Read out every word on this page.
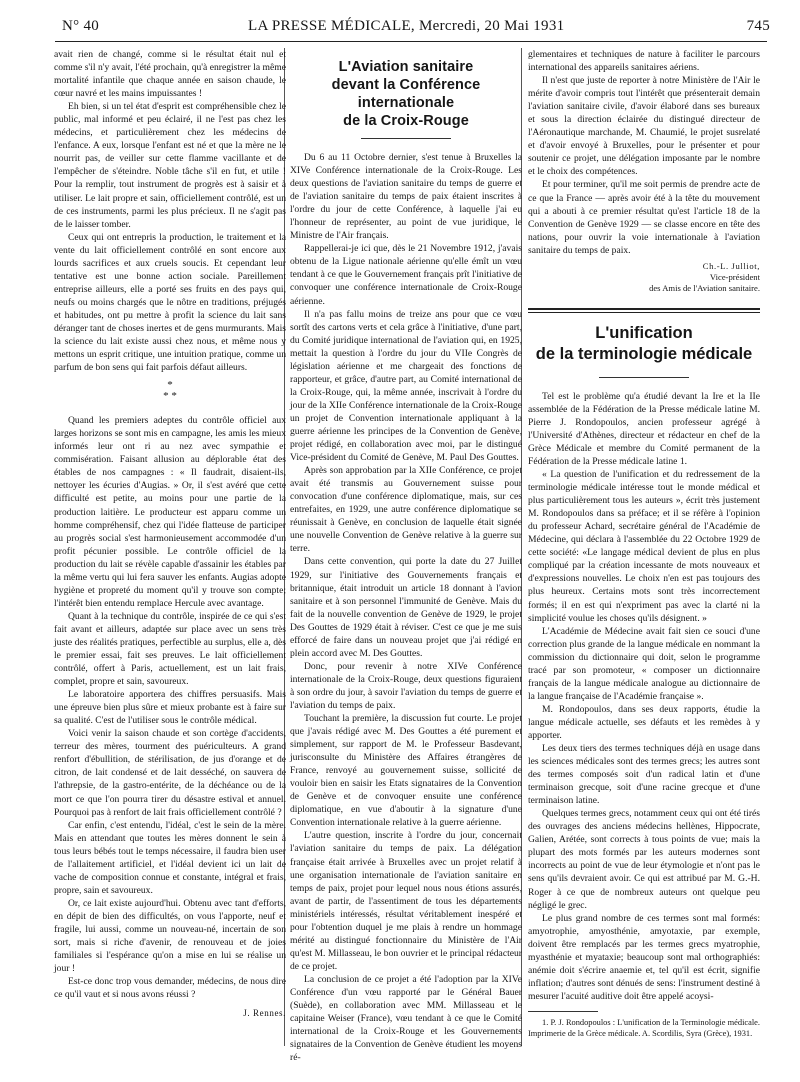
N° 40	LA PRESSE MÉDICALE, Mercredi, 20 Mai 1931	745

avait rien de changé, comme si le résultat était nul et comme s'il n'y avait, l'été prochain, qu'à enregistrer la même mortalité infantile que chaque année en saison chaude, le cœur navré et les mains impuissantes !

Eh bien, si un tel état d'esprit est compréhensible chez le public, mal informé et peu éclairé, il ne l'est pas chez les médecins, et particulièrement chez les médecins de l'enfance. A eux, lorsque l'enfant est né et que la mère ne le nourrit pas, de veiller sur cette flamme vacillante et de l'empêcher de s'éteindre. Noble tâche s'il en fut, et utile ! Pour la remplir, tout instrument de progrès est à saisir et à utiliser. Le lait propre et sain, officiellement contrôlé, est un de ces instruments, parmi les plus précieux. Il ne s'agit pas de le laisser tomber.

Ceux qui ont entrepris la production, le traitement et la vente du lait officiellement contrôlé en sont encore aux lourds sacrifices et aux cruels soucis. Et cependant leur tentative est une bonne action sociale. Pareillement entreprise ailleurs, elle a porté ses fruits en des pays qui, neufs ou moins chargés que le nôtre en traditions, préjugés et habitudes, ont pu mettre à profit la science du lait sans déranger tant de choses inertes et de gens murmurants. Mais la science du lait existe aussi chez nous, et même nous y mettons un esprit critique, une intuition pratique, comme un parfum de bon sens qui fait parfois défaut ailleurs.

*
* *

Quand les premiers adeptes du contrôle officiel aux larges horizons se sont mis en campagne, les amis les mieux informés leur ont ri au nez avec sympathie et commisération. Faisant allusion au déplorable état des étables de nos campagnes : « Il faudrait, disaient-ils, nettoyer les écuries d'Augias. » Or, il s'est avéré que cette difficulté est petite, au moins pour une partie de la production laitière. Le producteur est apparu comme un homme compréhensif, chez qui l'idée flatteuse de participer au progrès social s'est harmonieusement accommodée d'un profit pécunier possible. Le contrôle officiel de la production du lait se révèle capable d'assainir les étables par la même vertu qui lui fera sauver les enfants. Augias adopte hygiène et propreté du moment qu'il y trouve son compte; l'intérêt bien entendu remplace Hercule avec avantage.

Quant à la technique du contrôle, inspirée de ce qui s'est fait avant et ailleurs, adaptée sur place avec un sens très juste des réalités pratiques, perfectible au surplus, elle a, dès le premier essai, fait ses preuves. Le lait officiellement contrôlé, offert à Paris, actuellement, est un lait frais, complet, propre et sain, savoureux.

Le laboratoire apportera des chiffres persuasifs. Mais une épreuve bien plus sûre et mieux probante est à faire sur sa qualité. C'est de l'utiliser sous le contrôle médical.

Voici venir la saison chaude et son cortège d'accidents, terreur des mères, tourment des puériculteurs. A grand renfort d'ébullition, de stérilisation, de jus d'orange et de citron, de lait condensé et de lait desséché, on sauvera de l'athrepsie, de la gastro-entérite, de la déchéance ou de la mort ce que l'on pourra tirer du désastre estival et annuel. Pourquoi pas à renfort de lait frais officiellement contrôlé ?

Car enfin, c'est entendu, l'idéal, c'est le sein de la mère. Mais en attendant que toutes les mères donnent le sein à tous leurs bébés tout le temps nécessaire, il faudra bien user de l'allaitement artificiel, et l'idéal devient ici un lait de vache de composition connue et constante, intégral et frais, propre, sain et savoureux.

Or, ce lait existe aujourd'hui. Obtenu avec tant d'efforts, en dépit de bien des difficultés, on vous l'apporte, neuf et fragile, lui aussi, comme un nouveau-né, incertain de son sort, mais si riche d'avenir, de renouveau et de joies familiales si l'espérance qu'on a mise en lui se réalise un jour !

Est-ce donc trop vous demander, médecins, de nous dire ce qu'il vaut et si nous avons réussi ?

J. Rennes.
L'Aviation sanitaire
devant la Conférence internationale
de la Croix-Rouge

Du 6 au 11 Octobre dernier, s'est tenue à Bruxelles la XIVe Conférence internationale de la Croix-Rouge. Les deux questions de l'aviation sanitaire du temps de guerre et de l'aviation sanitaire du temps de paix étaient inscrites à l'ordre du jour de cette Conférence, à laquelle j'ai eu l'honneur de représenter, au point de vue juridique, le Ministre de l'Air français.

Rappellerai-je ici que, dès le 21 Novembre 1912, j'avais obtenu de la Ligue nationale aérienne qu'elle émît un vœu tendant à ce que le Gouvernement français prît l'initiative de convoquer une conférence internationale de Croix-Rouge aérienne.

Il n'a pas fallu moins de treize ans pour que ce vœu sortît des cartons verts et cela grâce à l'initiative, d'une part, du Comité juridique international de l'aviation qui, en 1925, mettait la question à l'ordre du jour du VIIe Congrès de législation aérienne et me chargeait des fonctions de rapporteur, et grâce, d'autre part, au Comité international de la Croix-Rouge, qui, la même année, inscrivait à l'ordre du jour de la XIIe Conférence internationale de la Croix-Rouge un projet de Convention internationale appliquant à la guerre aérienne les principes de la Convention de Genève, projet rédigé, en collaboration avec moi, par le distingué Vice-président du Comité de Genève, M. Paul Des Gouttes.

Après son approbation par la XIIe Conférence, ce projet avait été transmis au Gouvernement suisse pour convocation d'une conférence diplomatique, mais, sur ces entrefaites, en 1929, une autre conférence diplomatique se réunissait à Genève, en conclusion de laquelle était signée une nouvelle Convention de Genève relative à la guerre sur terre.

Dans cette convention, qui porte la date du 27 Juillet 1929, sur l'initiative des Gouvernements français et britannique, était introduit un article 18 donnant à l'avion sanitaire et à son personnel l'immunité de Genève. Mais du fait de la nouvelle convention de Genève de 1929, le projet Des Gouttes de 1929 était à réviser. C'est ce que je me suis efforcé de faire dans un nouveau projet que j'ai rédigé en plein accord avec M. Des Gouttes.

Donc, pour revenir à notre XIVe Conférence internationale de la Croix-Rouge, deux questions figuraient à son ordre du jour, à savoir l'aviation du temps de guerre et l'aviation du temps de paix.

Touchant la première, la discussion fut courte. Le projet que j'avais rédigé avec M. Des Gouttes a été purement et simplement, sur rapport de M. le Professeur Basdevant, jurisconsulte du Ministère des Affaires étrangères de France, renvoyé au gouvernement suisse, sollicité de vouloir bien en saisir les Etats signataires de la Convention de Genève et de convoquer ensuite une conférence diplomatique, en vue d'aboutir à la signature d'une Convention internationale relative à la guerre aérienne.

L'autre question, inscrite à l'ordre du jour, concernait l'aviation sanitaire du temps de paix. La délégation française était arrivée à Bruxelles avec un projet relatif à une organisation internationale de l'aviation sanitaire en temps de paix, projet pour lequel nous nous étions assurés, avant de partir, de l'assentiment de tous les départements ministériels intéressés, résultat véritablement inespéré et pour l'obtention duquel je me plais à rendre un hommage mérité au distingué fonctionnaire du Ministère de l'Air qu'est M. Millasseau, le bon ouvrier et le principal rédacteur de ce projet.

La conclusion de ce projet a été l'adoption par la XIVe Conférence d'un vœu rapporté par le Général Bauer (Suède), en collaboration avec MM. Millasseau et le capitaine Weiser (France), vœu tendant à ce que le Comité international de la Croix-Rouge et les Gouvernements signataires de la Convention de Genève étudient les moyens ré-

glementaires et techniques de nature à faciliter le parcours international des appareils sanitaires aériens.

Il n'est que juste de reporter à notre Ministère de l'Air le mérite d'avoir compris tout l'intérêt que présenterait demain l'aviation sanitaire civile, d'avoir élaboré dans ses bureaux et sous la direction éclairée du distingué directeur de l'Aéronautique marchande, M. Chaumié, le projet susrelaté et d'avoir envoyé à Bruxelles, pour le présenter et pour soutenir ce projet, une délégation imposante par le nombre et le choix des compétences.

Et pour terminer, qu'il me soit permis de prendre acte de ce que la France — après avoir été à la tête du mouvement qui a abouti à ce premier résultat qu'est l'article 18 de la Convention de Genève 1929 — se classe encore en tête des nations, pour ouvrir la voie internationale à l'aviation sanitaire du temps de paix.

Ch.-L. Julliot,
Vice-président
des Amis de l'Aviation sanitaire.
L'unification
de la terminologie médicale

Tel est le problème qu'a étudié devant la Ire et la IIe assemblée de la Fédération de la Presse médicale latine M. Pierre J. Rondopoulos, ancien professeur agrégé à l'Université d'Athènes, directeur et rédacteur en chef de la Grèce Médicale et membre du Comité permanent de la Fédération de la Presse médicale latine 1.

« La question de l'unification et du redressement de la terminologie médicale intéresse tout le monde médical et plus particulièrement tous les auteurs », écrit très justement M. Rondopoulos dans sa préface; et il se réfère à l'opinion du professeur Achard, secrétaire général de l'Académie de Médecine, qui déclara à l'assemblée du 22 Octobre 1929 de cette société: «Le langage médical devient de plus en plus compliqué par la création incessante de mots nouveaux et d'expressions nouvelles. Le choix n'en est pas toujours des plus heureux. Certains mots sont très incorrectement formés; il en est qui n'expriment pas avec la clarté ni la simplicité voulue les choses qu'ils désignent. »

L'Académie de Médecine avait fait sien ce souci d'une correction plus grande de la langue médicale en nommant la commission du dictionnaire qui doit, selon le programme tracé par son promoteur, « composer un dictionnaire français de la langue médicale analogue au dictionnaire de la langue française de l'Académie française ».

M. Rondopoulos, dans ses deux rapports, étudie la langue médicale actuelle, ses défauts et les remèdes à y apporter.

Les deux tiers des termes techniques déjà en usage dans les sciences médicales sont des termes grecs; les autres sont des termes composés soit d'un radical latin et d'une terminaison grecque, soit d'une racine grecque et d'une terminaison latine.

Quelques termes grecs, notamment ceux qui ont été tirés des ouvrages des anciens médecins hellènes, Hippocrate, Galien, Arétée, sont corrects à tous points de vue; mais la plupart des mots formés par les auteurs modernes sont incorrects au point de vue de leur étymologie et n'ont pas le sens qu'ils devraient avoir. Ce qui est attribué par M. G.-H. Roger à ce que de nombreux auteurs ont quelque peu négligé le grec.

Le plus grand nombre de ces termes sont mal formés: amyotrophie, amyosthénie, amyotaxie, par exemple, doivent être remplacés par les termes grecs myatrophie, myasthénie et myataxie; beaucoup sont mal orthographiés: anémie doit s'écrire anaemie et, tel qu'il est écrit, signifie inflation; d'autres sont dénués de sens: l'instrument destiné à mesurer l'acuité auditive doit être appelé acoysi-

1. P. J. Rondopoulos : L'unification de la Terminologie médicale. Imprimerie de la Grèce médicale. A. Scordilis, Syra (Grèce), 1931.
